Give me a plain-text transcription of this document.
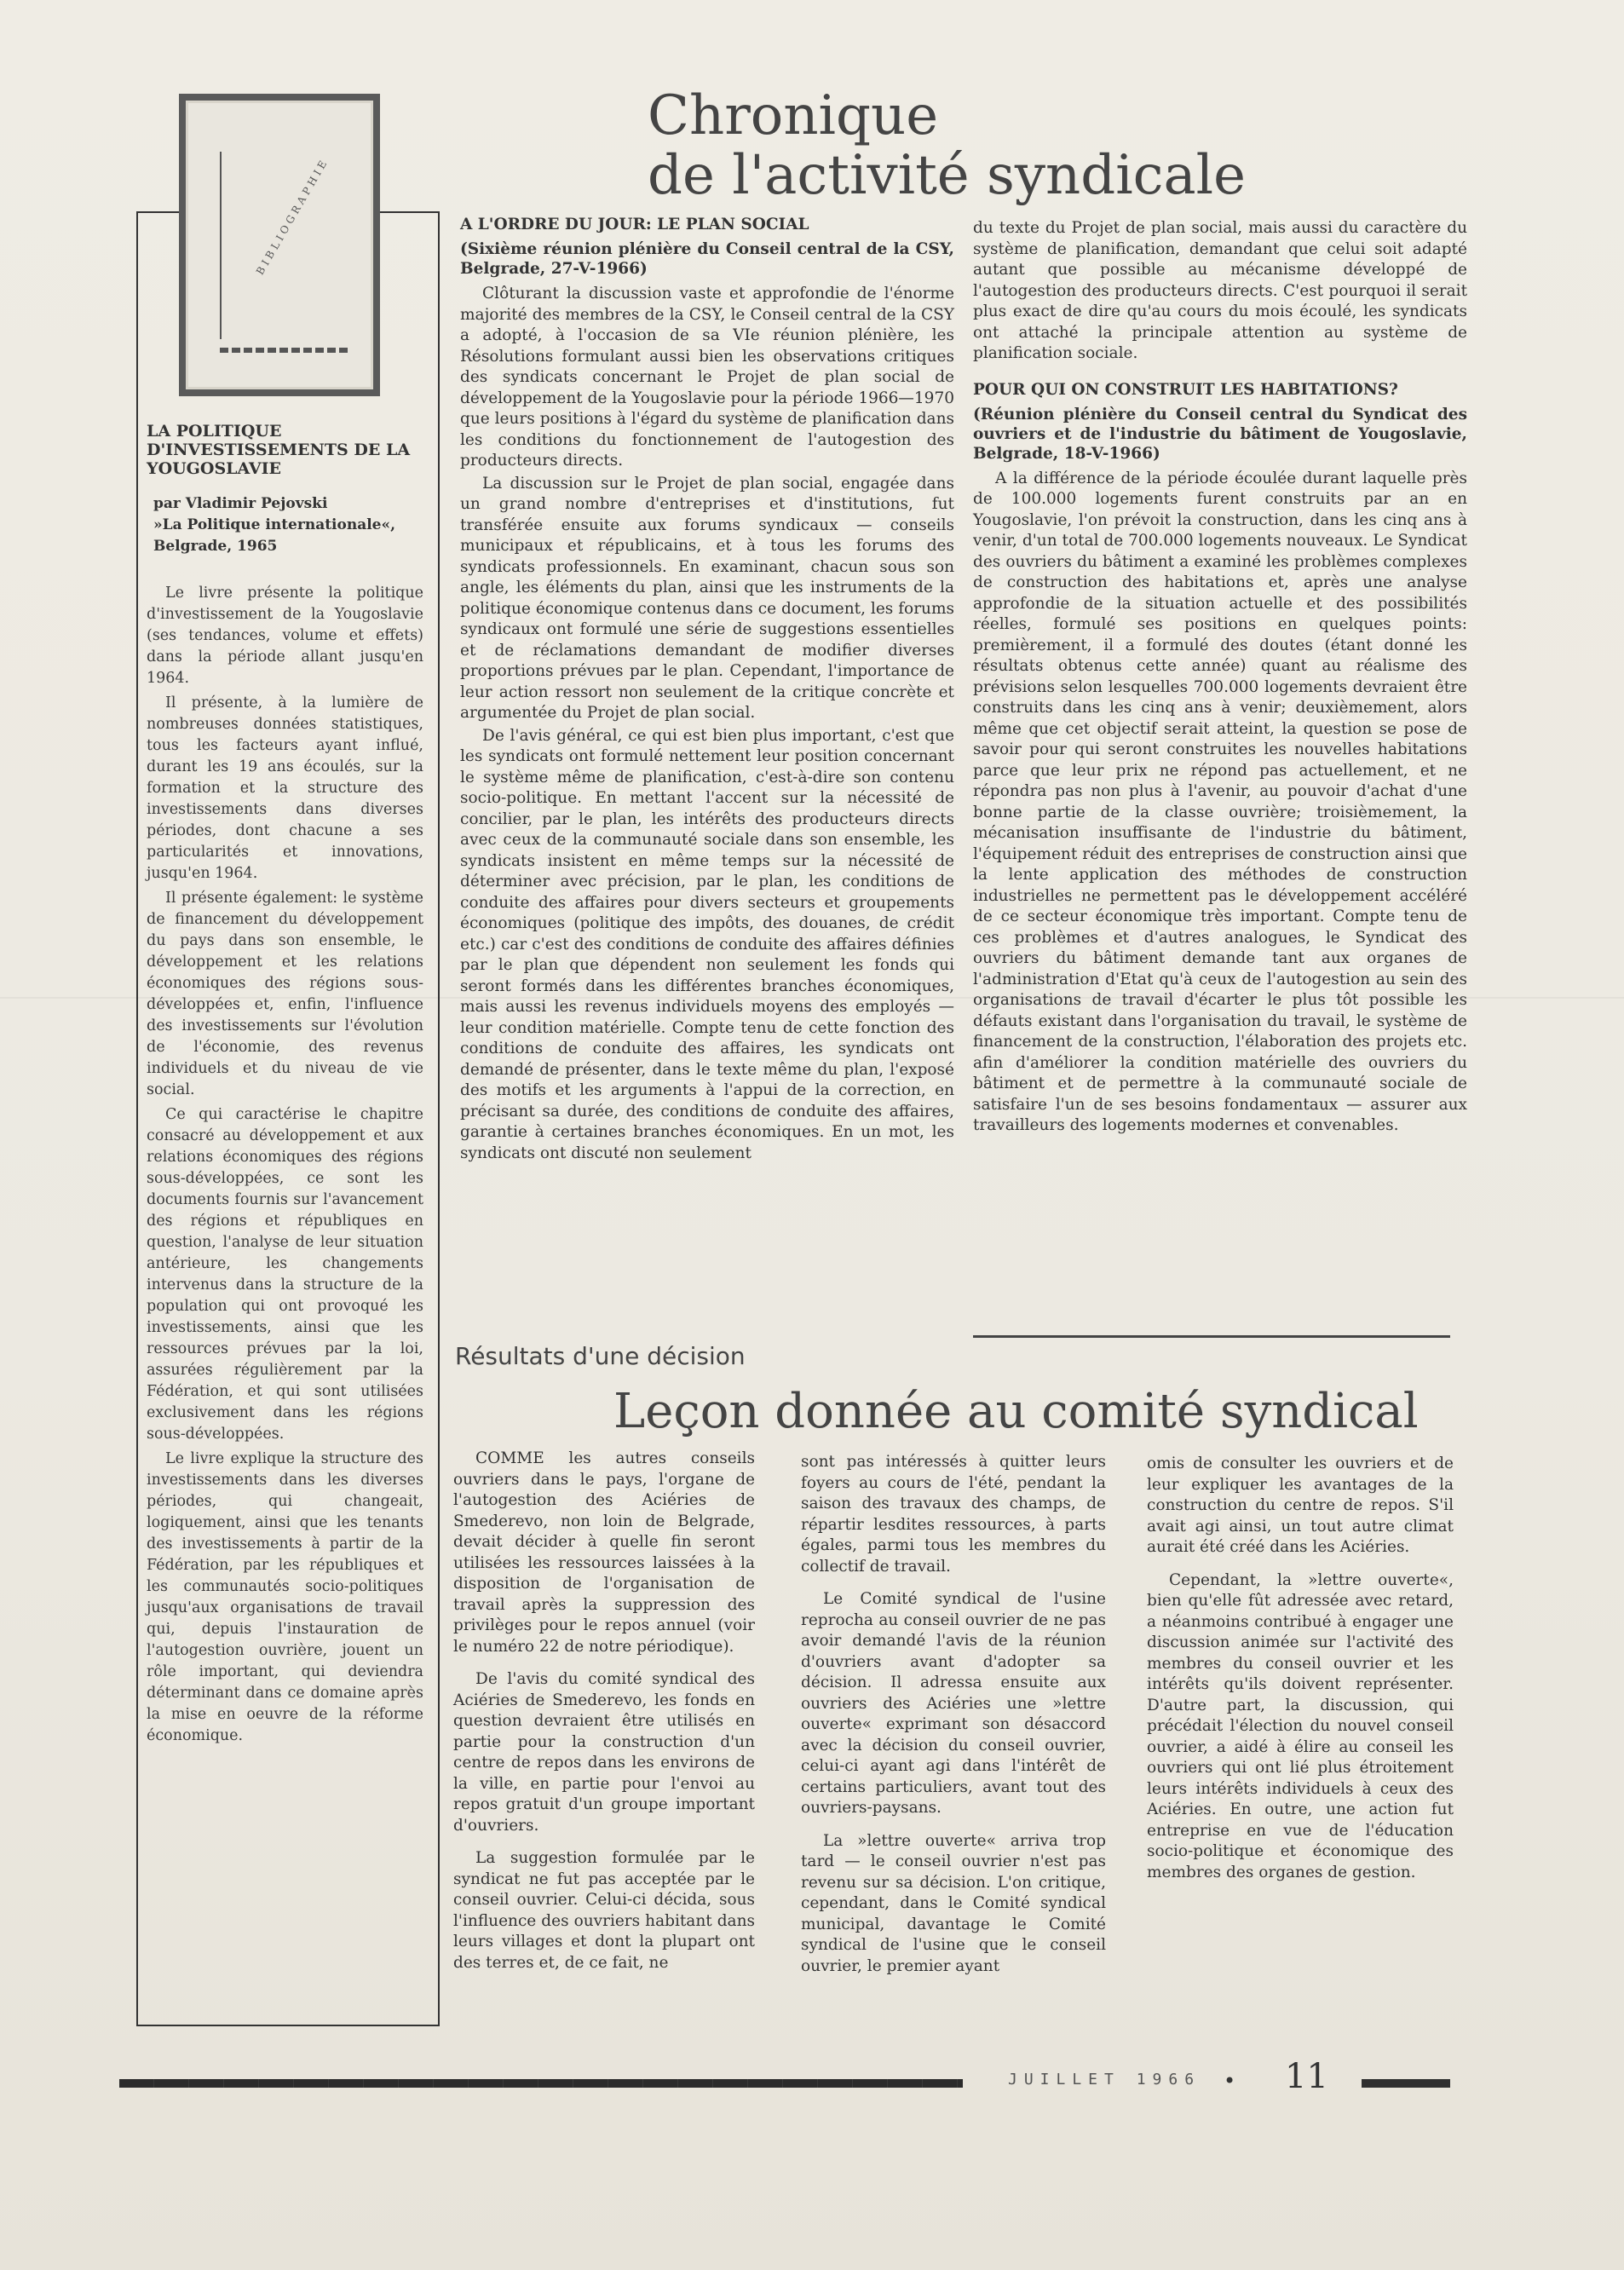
Chronique
de l'activité syndicale
BIBLIOGRAPHIE
LA POLITIQUE D'INVESTISSEMENTS DE LA YOUGOSLAVIE
par Vladimir Pejovski
»La Politique internationale«, Belgrade, 1965

Le livre présente la politique d'investissement de la Yougoslavie (ses tendances, volume et effets) dans la période allant jusqu'en 1964.

Il présente, à la lumière de nombreuses données statistiques, tous les facteurs ayant influé, durant les 19 ans écoulés, sur la formation et la structure des investissements dans diverses périodes, dont chacune a ses particularités et innovations, jusqu'en 1964.

Il présente également: le système de financement du développement du pays dans son ensemble, le développement et les relations économiques des régions sous-développées et, enfin, l'influence des investissements sur l'évolution de l'économie, des revenus individuels et du niveau de vie social.

Ce qui caractérise le chapitre consacré au développement et aux relations économiques des régions sous-développées, ce sont les documents fournis sur l'avancement des régions et républiques en question, l'analyse de leur situation antérieure, les changements intervenus dans la structure de la population qui ont provoqué les investissements, ainsi que les ressources prévues par la loi, assurées régulièrement par la Fédération, et qui sont utilisées exclusivement dans les régions sous-développées.

Le livre explique la structure des investissements dans les diverses périodes, qui changeait, logiquement, ainsi que les tenants des investissements à partir de la Fédération, par les républiques et les communautés socio-politiques jusqu'aux organisations de travail qui, depuis l'instauration de l'autogestion ouvrière, jouent un rôle important, qui deviendra déterminant dans ce domaine après la mise en oeuvre de la réforme économique.

A L'ORDRE DU JOUR: LE PLAN SOCIAL
(Sixième réunion plénière du Conseil central de la CSY, Belgrade, 27-V-1966)

Clôturant la discussion vaste et approfondie de l'énorme majorité des membres de la CSY, le Conseil central de la CSY a adopté, à l'occasion de sa VIe réunion plénière, les Résolutions formulant aussi bien les observations critiques des syndicats concernant le Projet de plan social de développement de la Yougoslavie pour la période 1966—1970 que leurs positions à l'égard du système de planification dans les conditions du fonctionnement de l'autogestion des producteurs directs.

La discussion sur le Projet de plan social, engagée dans un grand nombre d'entreprises et d'institutions, fut transférée ensuite aux forums syndicaux — conseils municipaux et républicains, et à tous les forums des syndicats professionnels. En examinant, chacun sous son angle, les éléments du plan, ainsi que les instruments de la politique économique contenus dans ce document, les forums syndicaux ont formulé une série de suggestions essentielles et de réclamations demandant de modifier diverses proportions prévues par le plan. Cependant, l'importance de leur action ressort non seulement de la critique concrète et argumentée du Projet de plan social.

De l'avis général, ce qui est bien plus important, c'est que les syndicats ont formulé nettement leur position concernant le système même de planification, c'est-à-dire son contenu socio-politique. En mettant l'accent sur la nécessité de concilier, par le plan, les intérêts des producteurs directs avec ceux de la communauté sociale dans son ensemble, les syndicats insistent en même temps sur la nécessité de déterminer avec précision, par le plan, les conditions de conduite des affaires pour divers secteurs et groupements économiques (politique des impôts, des douanes, de crédit etc.) car c'est des conditions de conduite des affaires définies par le plan que dépendent non seulement les fonds qui seront formés dans les différentes branches économiques, mais aussi les revenus individuels moyens des employés — leur condition matérielle. Compte tenu de cette fonction des conditions de conduite des affaires, les syndicats ont demandé de présenter, dans le texte même du plan, l'exposé des motifs et les arguments à l'appui de la correction, en précisant sa durée, des conditions de conduite des affaires, garantie à certaines branches économiques. En un mot, les syndicats ont discuté non seulement

du texte du Projet de plan social, mais aussi du caractère du système de planification, demandant que celui soit adapté autant que possible au mécanisme développé de l'autogestion des producteurs directs. C'est pourquoi il serait plus exact de dire qu'au cours du mois écoulé, les syndicats ont attaché la principale attention au système de planification sociale.

POUR QUI ON CONSTRUIT LES HABITATIONS?
(Réunion plénière du Conseil central du Syndicat des ouvriers et de l'industrie du bâtiment de Yougoslavie, Belgrade, 18-V-1966)

A la différence de la période écoulée durant laquelle près de 100.000 logements furent construits par an en Yougoslavie, l'on prévoit la construction, dans les cinq ans à venir, d'un total de 700.000 logements nouveaux. Le Syndicat des ouvriers du bâtiment a examiné les problèmes complexes de construction des habitations et, après une analyse approfondie de la situation actuelle et des possibilités réelles, formulé ses positions en quelques points: premièrement, il a formulé des doutes (étant donné les résultats obtenus cette année) quant au réalisme des prévisions selon lesquelles 700.000 logements devraient être construits dans les cinq ans à venir; deuxièmement, alors même que cet objectif serait atteint, la question se pose de savoir pour qui seront construites les nouvelles habitations parce que leur prix ne répond pas actuellement, et ne répondra pas non plus à l'avenir, au pouvoir d'achat d'une bonne partie de la classe ouvrière; troisièmement, la mécanisation insuffisante de l'industrie du bâtiment, l'équipement réduit des entreprises de construction ainsi que la lente application des méthodes de construction industrielles ne permettent pas le développement accéléré de ce secteur économique très important. Compte tenu de ces problèmes et d'autres analogues, le Syndicat des ouvriers du bâtiment demande tant aux organes de l'administration d'Etat qu'à ceux de l'autogestion au sein des organisations de travail d'écarter le plus tôt possible les défauts existant dans l'organisation du travail, le système de financement de la construction, l'élaboration des projets etc. afin d'améliorer la condition matérielle des ouvriers du bâtiment et de permettre à la communauté sociale de satisfaire l'un de ses besoins fondamentaux — assurer aux travailleurs des logements modernes et convenables.

Résultats d'une décision
Leçon donnée au comité syndical

COMME les autres conseils ouvriers dans le pays, l'organe de l'autogestion des Aciéries de Smederevo, non loin de Belgrade, devait décider à quelle fin seront utilisées les ressources laissées à la disposition de l'organisation de travail après la suppression des privilèges pour le repos annuel (voir le numéro 22 de notre périodique).

De l'avis du comité syndical des Aciéries de Smederevo, les fonds en question devraient être utilisés en partie pour la construction d'un centre de repos dans les environs de la ville, en partie pour l'envoi au repos gratuit d'un groupe important d'ouvriers.

La suggestion formulée par le syndicat ne fut pas acceptée par le conseil ouvrier. Celui-ci décida, sous l'influence des ouvriers habitant dans leurs villages et dont la plupart ont des terres et, de ce fait, ne

sont pas intéressés à quitter leurs foyers au cours de l'été, pendant la saison des travaux des champs, de répartir lesdites ressources, à parts égales, parmi tous les membres du collectif de travail.

Le Comité syndical de l'usine reprocha au conseil ouvrier de ne pas avoir demandé l'avis de la réunion d'ouvriers avant d'adopter sa décision. Il adressa ensuite aux ouvriers des Aciéries une »lettre ouverte« exprimant son désaccord avec la décision du conseil ouvrier, celui-ci ayant agi dans l'intérêt de certains particuliers, avant tout des ouvriers-paysans.

La »lettre ouverte« arriva trop tard — le conseil ouvrier n'est pas revenu sur sa décision. L'on critique, cependant, dans le Comité syndical municipal, davantage le Comité syndical de l'usine que le conseil ouvrier, le premier ayant

omis de consulter les ouvriers et de leur expliquer les avantages de la construction du centre de repos. S'il avait agi ainsi, un tout autre climat aurait été créé dans les Aciéries.

Cependant, la »lettre ouverte«, bien qu'elle fût adressée avec retard, a néanmoins contribué à engager une discussion animée sur l'activité des membres du conseil ouvrier et les intérêts qu'ils doivent représenter. D'autre part, la discussion, qui précédait l'élection du nouvel conseil ouvrier, a aidé à élire au conseil les ouvriers qui ont lié plus étroitement leurs intérêts individuels à ceux des Aciéries. En outre, une action fut entreprise en vue de l'éducation socio-politique et économique des membres des organes de gestion.

JUILLET 1966 • 11
